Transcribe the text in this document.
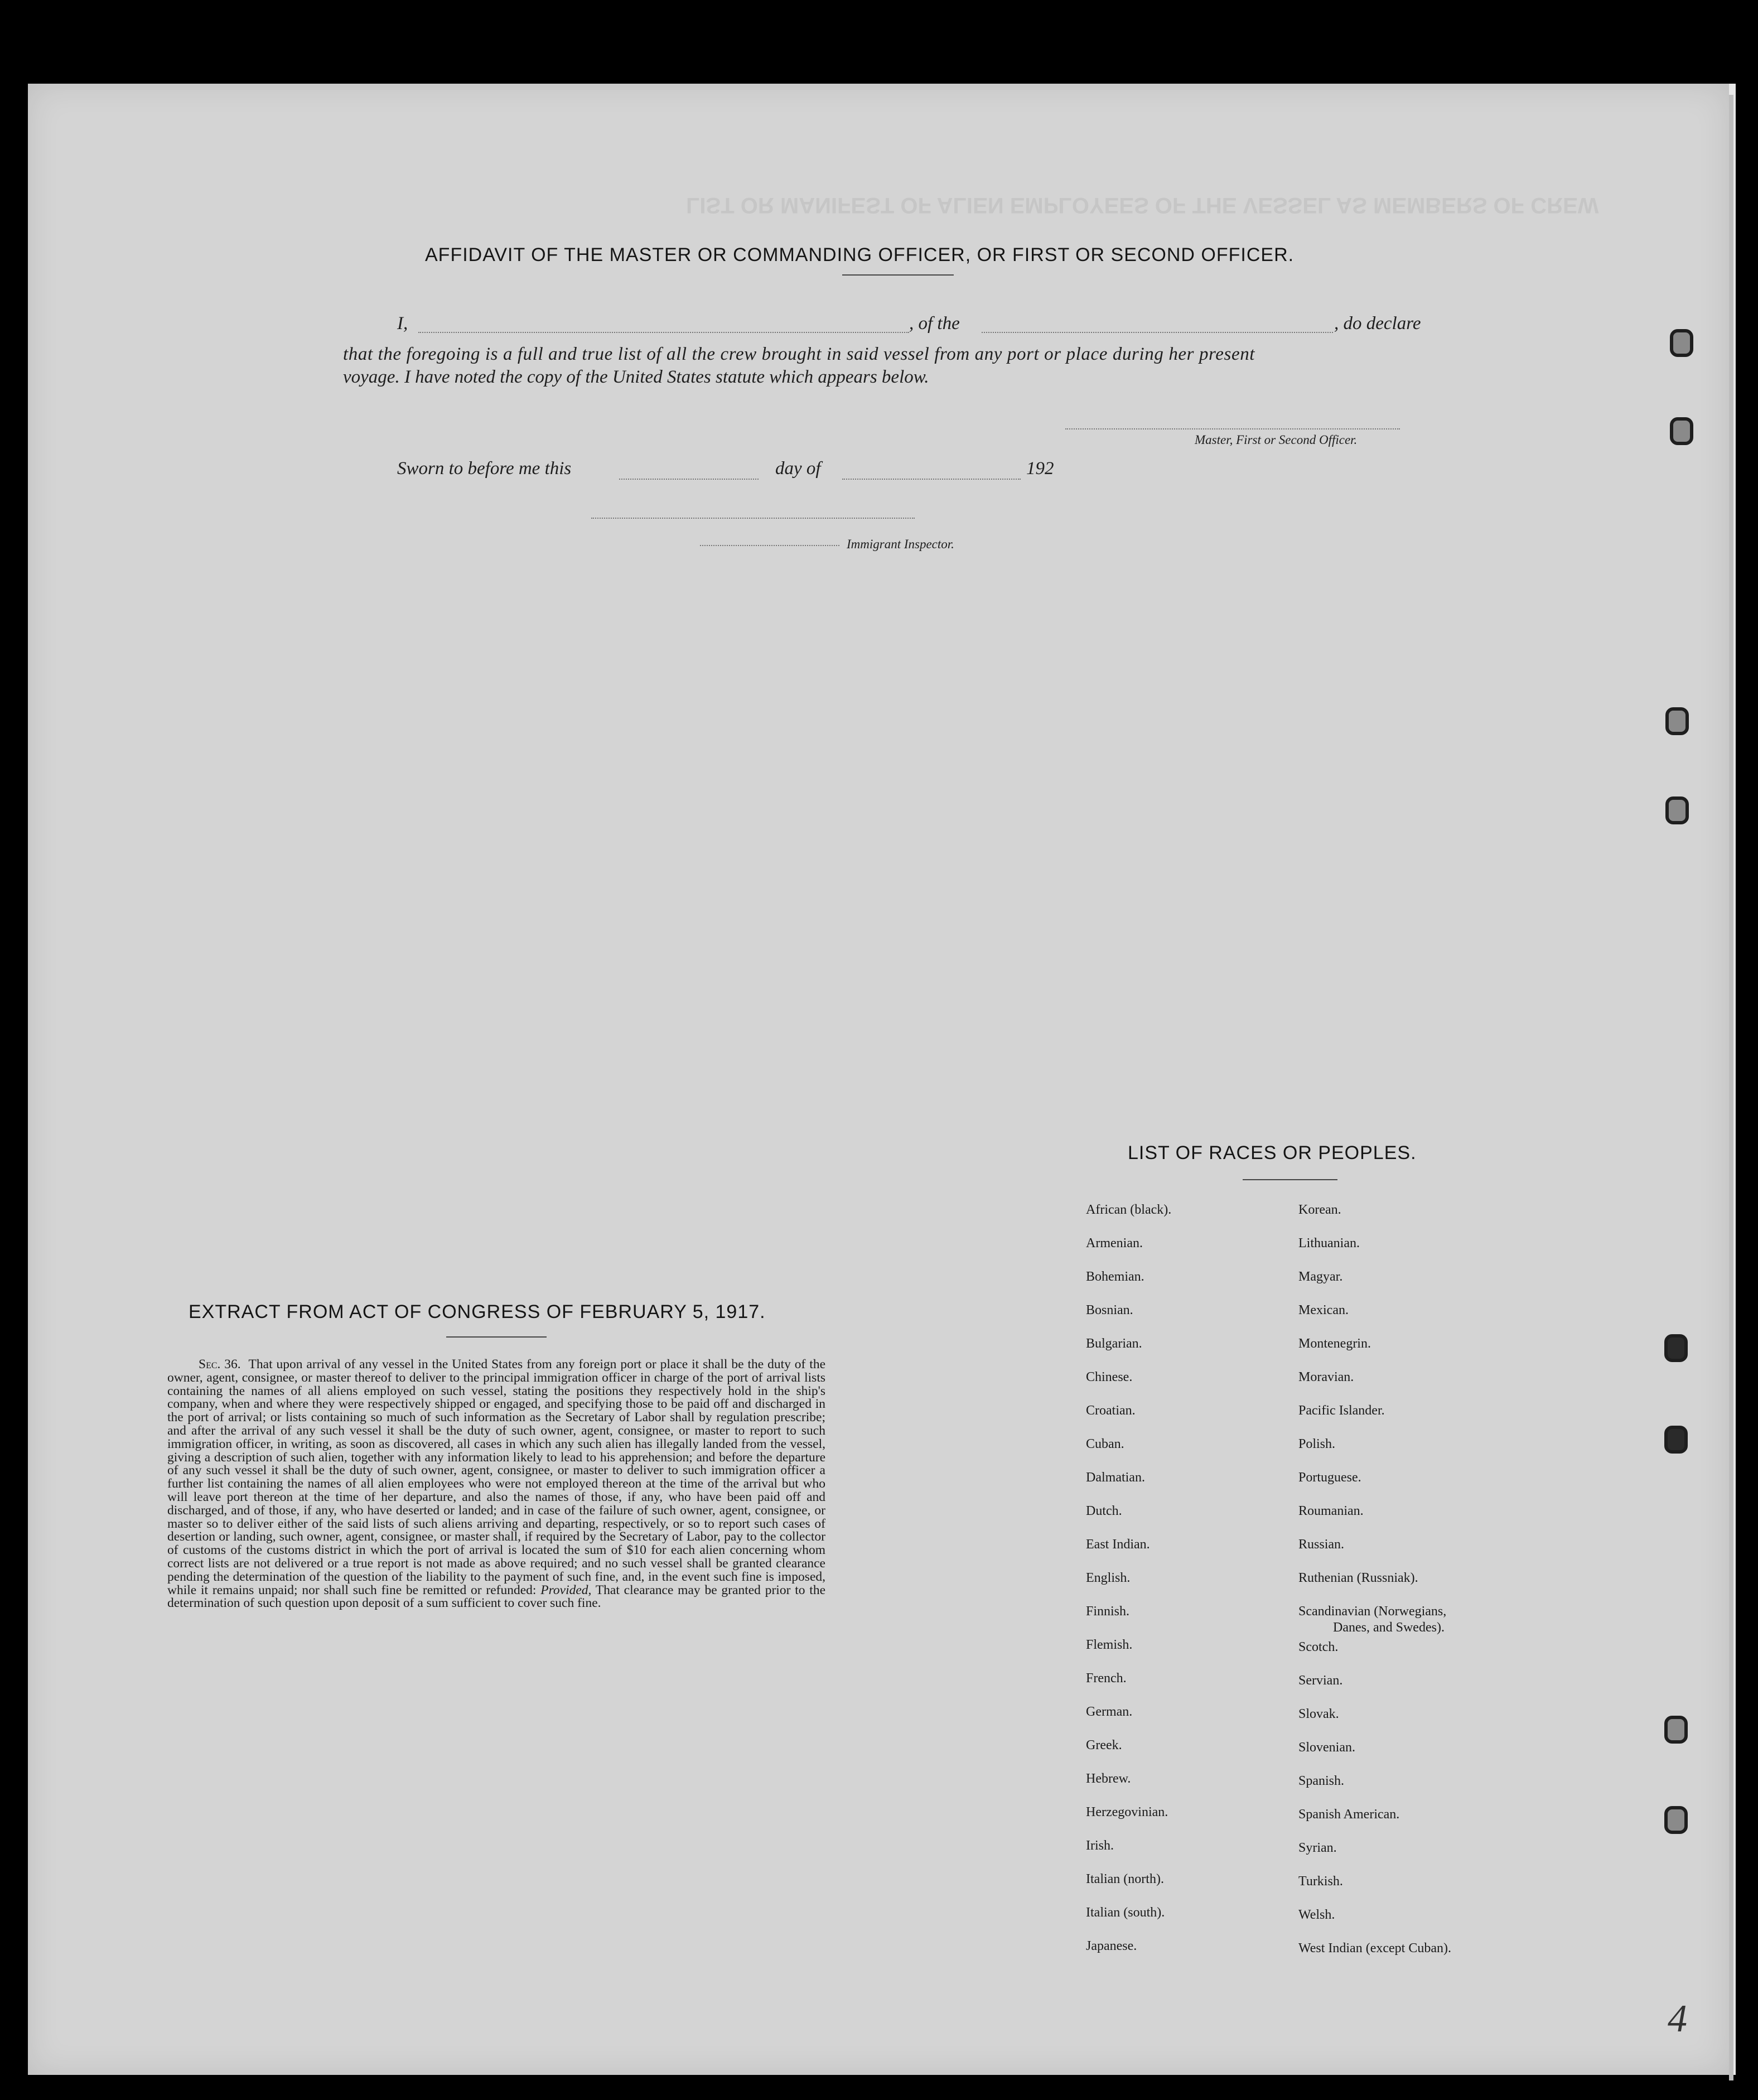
LIST OR MANIFEST OF ALIEN EMPLOYEES OF THE VESSEL AS MEMBERS OF CREW
AFFIDAVIT OF THE MASTER OR COMMANDING OFFICER, OR FIRST OR SECOND OFFICER.
I,	, of the	, do declare
that the foregoing is a full and true list of all the crew brought in said vessel from any port or place during her present
voyage. I have noted the copy of the United States statute which appears below.
Master, First or Second Officer.
Sworn to before me this	day of	192
Immigrant Inspector.
EXTRACT FROM ACT OF CONGRESS OF FEBRUARY 5, 1917.
Sec. 36. That upon arrival of any vessel in the United States from any foreign port or place it shall be the duty of the owner, agent, consignee, or master thereof to deliver to the principal immigration officer in charge of the port of arrival lists containing the names of all aliens employed on such vessel, stating the positions they respectively hold in the ship's company, when and where they were respectively shipped or engaged, and specifying those to be paid off and discharged in the port of arrival; or lists containing so much of such information as the Secretary of Labor shall by regulation prescribe; and after the arrival of any such vessel it shall be the duty of such owner, agent, consignee, or master to report to such immigration officer, in writing, as soon as discovered, all cases in which any such alien has illegally landed from the vessel, giving a description of such alien, together with any information likely to lead to his apprehension; and before the departure of any such vessel it shall be the duty of such owner, agent, consignee, or master to deliver to such immigration officer a further list containing the names of all alien employees who were not employed thereon at the time of the arrival but who will leave port thereon at the time of her departure, and also the names of those, if any, who have been paid off and discharged, and of those, if any, who have deserted or landed; and in case of the failure of such owner, agent, consignee, or master so to deliver either of the said lists of such aliens arriving and departing, respectively, or so to report such cases of desertion or landing, such owner, agent, consignee, or master shall, if required by the Secretary of Labor, pay to the collector of customs of the customs district in which the port of arrival is located the sum of $10 for each alien concerning whom correct lists are not delivered or a true report is not made as above required; and no such vessel shall be granted clearance pending the determination of the question of the liability to the payment of such fine, and, in the event such fine is imposed, while it remains unpaid; nor shall such fine be remitted or refunded: Provided, That clearance may be granted prior to the determination of such question upon deposit of a sum sufficient to cover such fine.
LIST OF RACES OR PEOPLES.
African (black).
Armenian.
Bohemian.
Bosnian.
Bulgarian.
Chinese.
Croatian.
Cuban.
Dalmatian.
Dutch.
East Indian.
English.
Finnish.
Flemish.
French.
German.
Greek.
Hebrew.
Herzegovinian.
Irish.
Italian (north).
Italian (south).
Japanese.
Korean.
Lithuanian.
Magyar.
Mexican.
Montenegrin.
Moravian.
Pacific Islander.
Polish.
Portuguese.
Roumanian.
Russian.
Ruthenian (Russniak).
Scandinavian (Norwegians,
Scotch.
Servian.
Slovak.
Slovenian.
Spanish.
Spanish American.
Syrian.
Turkish.
Welsh.
West Indian (except Cuban).
Danes, and Swedes).
4
